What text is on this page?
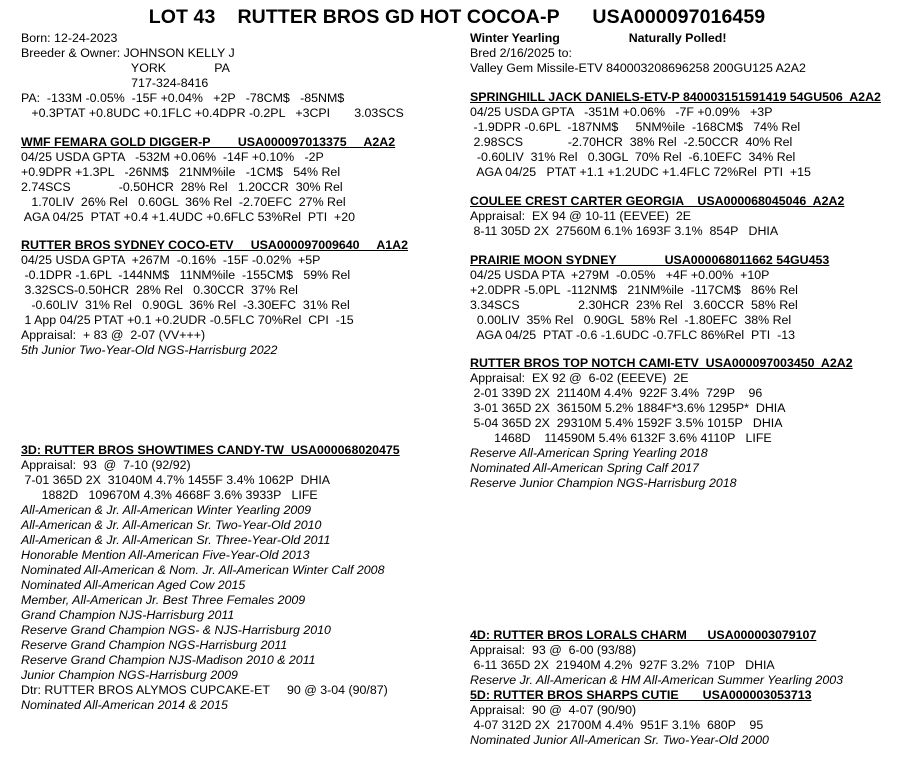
LOT 43    RUTTER BROS GD HOT COCOA-P      USA000097016459
Born: 12-24-2023
Breeder & Owner: JOHNSON KELLY J
YORK              PA
717-324-8416
PA:  -133M -0.05%  -15F +0.04%   +2P   -78CM$   -85NM$
+0.3PTAT +0.8UDC +0.1FLC +0.4DPR -0.2PL   +3CPI       3.03SCS
WMF FEMARA GOLD DIGGER-P        USA000097013375     A2A2
04/25 USDA GPTA   -532M +0.06%  -14F +0.10%   -2P
+0.9DPR +1.3PL   -26NM$   21NM%ile   -1CM$   54% Rel
2.74SCS              -0.50HCR  28% Rel   1.20CCR  30% Rel
1.70LIV  26% Rel   0.60GL  36% Rel  -2.70EFC  27% Rel
AGA 04/25  PTAT +0.4 +1.4UDC +0.6FLC 53%Rel  PTI  +20
RUTTER BROS SYDNEY COCO-ETV     USA000097009640     A1A2
04/25 USDA GPTA  +267M  -0.16%  -15F -0.02%  +5P
-0.1DPR -1.6PL  -144NM$   11NM%ile  -155CM$   59% Rel
3.32SCS-0.50HCR  28% Rel   0.30CCR  37% Rel
-0.60LIV  31% Rel   0.90GL  36% Rel  -3.30EFC  31% Rel
1 App 04/25 PTAT +0.1 +0.2UDR -0.5FLC 70%Rel  CPI  -15
Appraisal:  + 83 @  2-07 (VV+++)
5th Junior Two-Year-Old NGS-Harrisburg 2022
3D: RUTTER BROS SHOWTIMES CANDY-TW  USA000068020475
Appraisal:  93  @  7-10 (92/92)
7-01 365D 2X  31040M 4.7% 1455F 3.4% 1062P  DHIA
1882D   109670M 4.3% 4668F 3.6% 3933P   LIFE
All-American & Jr. All-American Winter Yearling 2009
All-American & Jr. All-American Sr. Two-Year-Old 2010
All-American & Jr. All-American Sr. Three-Year-Old 2011
Honorable Mention All-American Five-Year-Old 2013
Nominated All-American & Nom. Jr. All-American Winter Calf 2008
Nominated All-American Aged Cow 2015
Member, All-American Jr. Best Three Females 2009
Grand Champion NJS-Harrisburg 2011
Reserve Grand Champion NGS- & NJS-Harrisburg 2010
Reserve Grand Champion NGS-Harrisburg 2011
Reserve Grand Champion NJS-Madison 2010 & 2011
Junior Champion NGS-Harrisburg 2009
Dtr: RUTTER BROS ALYMOS CUPCAKE-ET     90 @ 3-04 (90/87)
Nominated All-American 2014 & 2015
Winter Yearling                    Naturally Polled!
Bred 2/16/2025 to:
Valley Gem Missile-ETV 840003208696258 200GU125 A2A2
SPRINGHILL JACK DANIELS-ETV-P 840003151591419 54GU506  A2A2
04/25 USDA GPTA   -351M +0.06%   -7F +0.09%   +3P
-1.9DPR -0.6PL  -187NM$     5NM%ile  -168CM$   74% Rel
2.98SCS             -2.70HCR  38% Rel  -2.50CCR  40% Rel
-0.60LIV  31% Rel   0.30GL  70% Rel  -6.10EFC  34% Rel
AGA 04/25   PTAT +1.1 +1.2UDC +1.4FLC 72%Rel  PTI  +15
COULEE CREST CARTER GEORGIA    USA000068045046  A2A2
Appraisal:  EX 94 @ 10-11 (EEVEE)  2E
8-11 305D 2X  27560M 6.1% 1693F 3.1%  854P   DHIA
PRAIRIE MOON SYDNEY              USA000068011662 54GU453
04/25 USDA PTA  +279M  -0.05%   +4F +0.00%  +10P
+2.0DPR -5.0PL  -112NM$   21NM%ile  -117CM$   86% Rel
3.34SCS                 2.30HCR  23% Rel   3.60CCR  58% Rel
0.00LIV  35% Rel   0.90GL  58% Rel  -1.80EFC  38% Rel
AGA 04/25  PTAT -0.6 -1.6UDC -0.7FLC 86%Rel  PTI  -13
RUTTER BROS TOP NOTCH CAMI-ETV  USA000097003450  A2A2
Appraisal:  EX 92 @  6-02 (EEEVE)  2E
2-01 339D 2X  21140M 4.4%  922F 3.4%  729P    96
3-01 365D 2X  36150M 5.2% 1884F*3.6% 1295P*  DHIA
5-04 365D 2X  29310M 5.4% 1592F 3.5% 1015P   DHIA
1468D    114590M 5.4% 6132F 3.6% 4110P   LIFE
Reserve All-American Spring Yearling 2018
Nominated All-American Spring Calf 2017
Reserve Junior Champion NGS-Harrisburg 2018
4D: RUTTER BROS LORALS CHARM      USA000003079107
Appraisal:  93 @  6-00 (93/88)
6-11 365D 2X  21940M 4.2%  927F 3.2%  710P   DHIA
Reserve Jr. All-American & HM All-American Summer Yearling 2003
5D: RUTTER BROS SHARPS CUTIE       USA000003053713
Appraisal:  90 @  4-07 (90/90)
4-07 312D 2X  21700M 4.4%  951F 3.1%  680P    95
Nominated Junior All-American Sr. Two-Year-Old 2000
